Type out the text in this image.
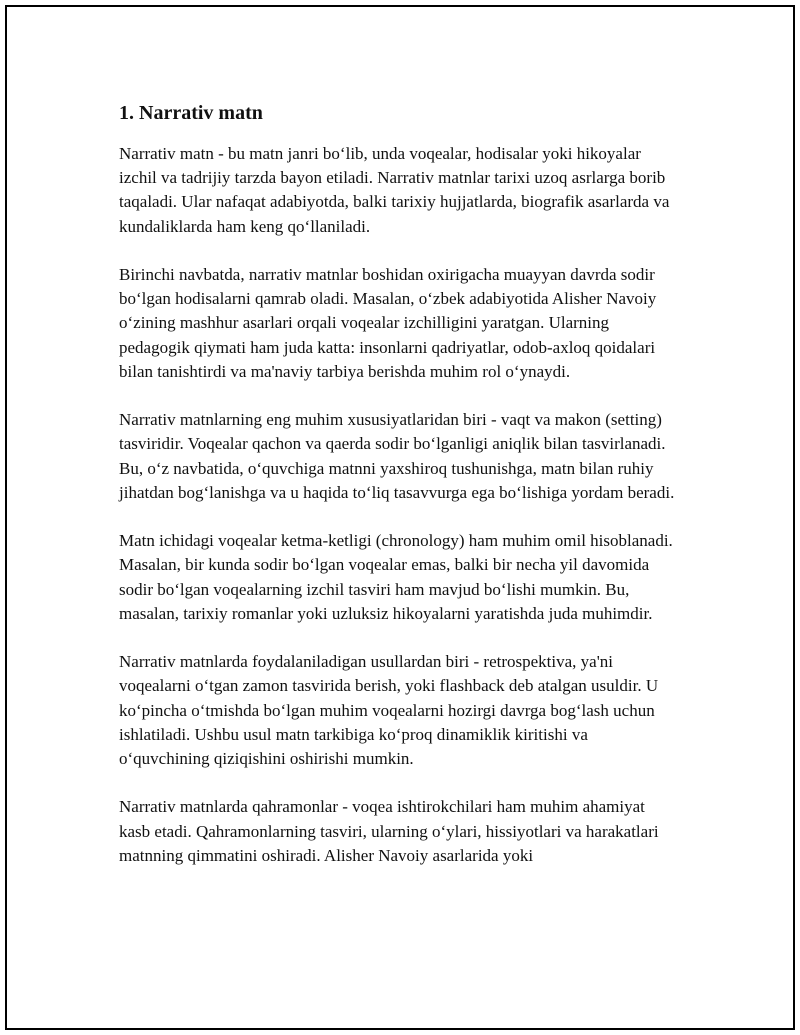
1. Narrativ matn

Narrativ matn - bu matn janri bo‘lib, unda voqealar, hodisalar yoki hikoyalar izchil va tadrijiy tarzda bayon etiladi. Narrativ matnlar tarixi uzoq asrlarga borib taqaladi. Ular nafaqat adabiyotda, balki tarixiy hujjatlarda, biografik asarlarda va kundaliklarda ham keng qo‘llaniladi.

Birinchi navbatda, narrativ matnlar boshidan oxirigacha muayyan davrda sodir bo‘lgan hodisalarni qamrab oladi. Masalan, o‘zbek adabiyotida Alisher Navoiy o‘zining mashhur asarlari orqali voqealar izchilligini yaratgan. Ularning pedagogik qiymati ham juda katta: insonlarni qadriyatlar, odob-axloq qoidalari bilan tanishtirdi va ma'naviy tarbiya berishda muhim rol o‘ynaydi.

Narrativ matnlarning eng muhim xususiyatlaridan biri - vaqt va makon (setting) tasviridir. Voqealar qachon va qaerda sodir bo‘lganligi aniqlik bilan tasvirlanadi. Bu, o‘z navbatida, o‘quvchiga matnni yaxshiroq tushunishga, matn bilan ruhiy jihatdan bog‘lanishga va u haqida to‘liq tasavvurga ega bo‘lishiga yordam beradi.

Matn ichidagi voqealar ketma-ketligi (chronology) ham muhim omil hisoblanadi. Masalan, bir kunda sodir bo‘lgan voqealar emas, balki bir necha yil davomida sodir bo‘lgan voqealarning izchil tasviri ham mavjud bo‘lishi mumkin. Bu, masalan, tarixiy romanlar yoki uzluksiz hikoyalarni yaratishda juda muhimdir.

Narrativ matnlarda foydalaniladigan usullardan biri - retrospektiva, ya'ni voqealarni o‘tgan zamon tasvirida berish, yoki flashback deb atalgan usuldir. U ko‘pincha o‘tmishda bo‘lgan muhim voqealarni hozirgi davrga bog‘lash uchun ishlatiladi. Ushbu usul matn tarkibiga ko‘proq dinamiklik kiritishi va o‘quvchining qiziqishini oshirishi mumkin.

Narrativ matnlarda qahramonlar - voqea ishtirokchilari ham muhim ahamiyat kasb etadi. Qahramonlarning tasviri, ularning o‘ylari, hissiyotlari va harakatlari matnning qimmatini oshiradi. Alisher Navoiy asarlarida yoki
